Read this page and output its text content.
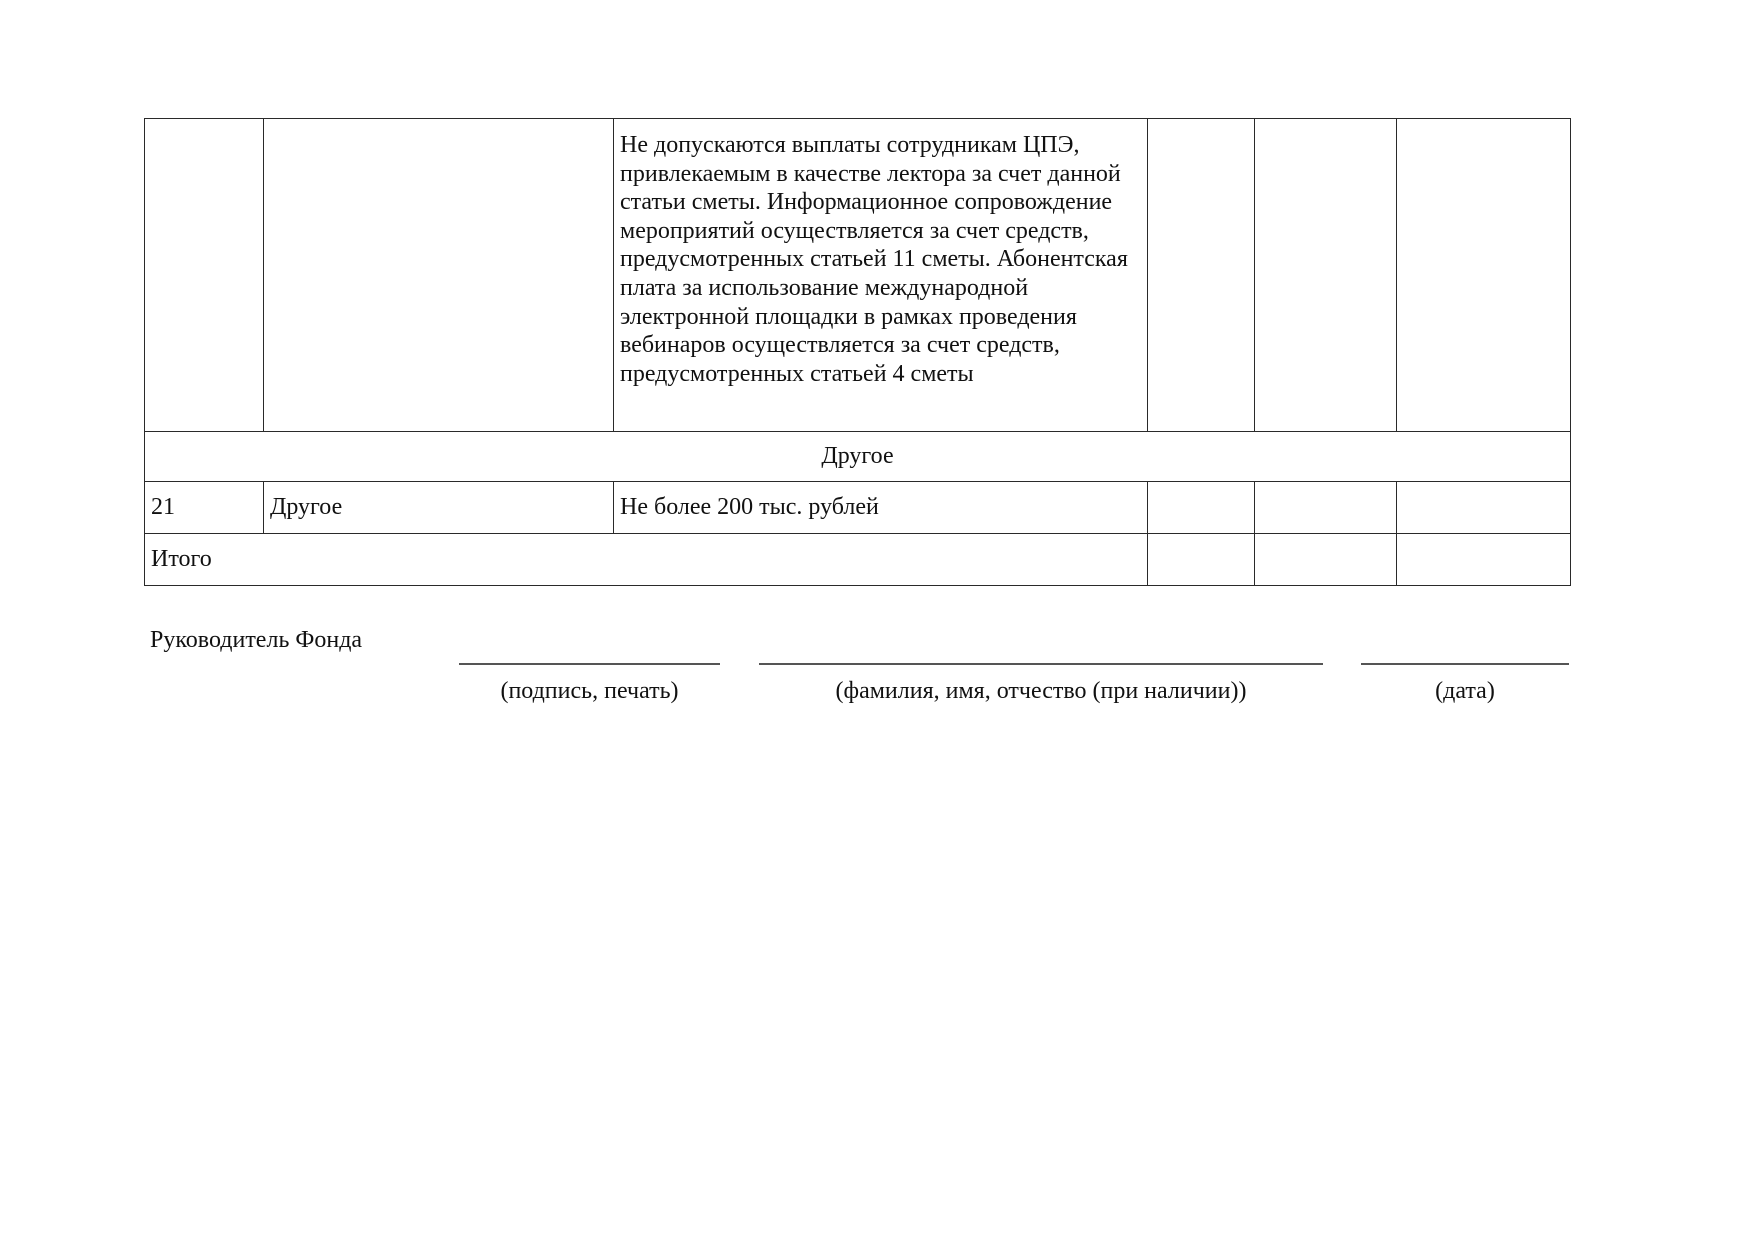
		Не допускаются выплаты сотрудникам ЦПЭ, привлекаемым в качестве лектора за счет данной статьи сметы. Информационное сопровождение мероприятий осуществляется за счет средств, предусмотренных статьей 11 сметы. Абонентская плата за использование международной электронной площадки в рамках проведения вебинаров осуществляется за счет средств, предусмотренных статьей 4 сметы			
Другое					
21	Другое	Не более 200 тыс. рублей			
Итого					
Руководитель Фонда
(подпись, печать)	(фамилия, имя, отчество (при наличии))	(дата)
